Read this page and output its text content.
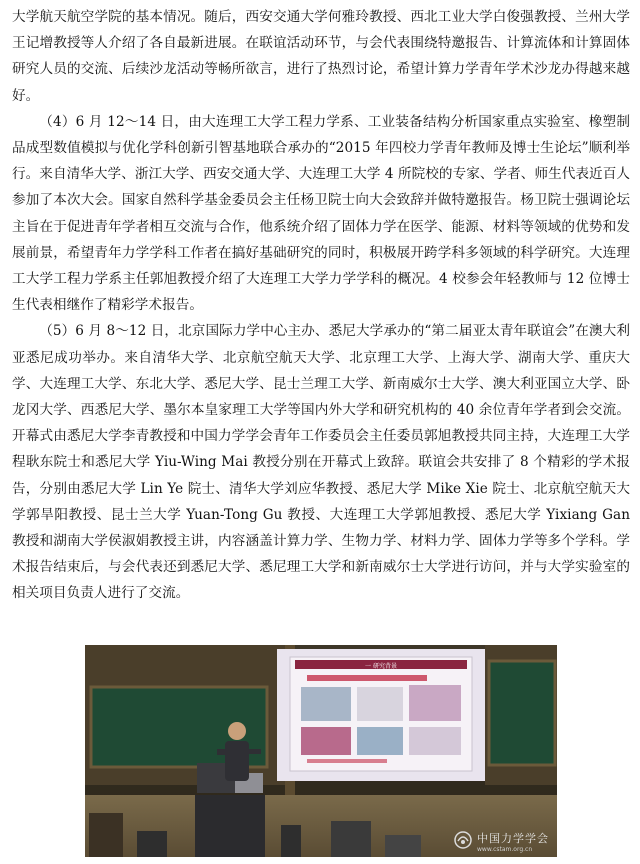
大学航天航空学院的基本情况。随后，西安交通大学何雅玲教授、西北工业大学白俊强教授、兰州大学王记增教授等人介绍了各自最新进展。在联谊活动环节，与会代表围绕特邀报告、计算流体和计算固体研究人员的交流、后续沙龙活动等畅所欲言，进行了热烈讨论，希望计算力学青年学术沙龙办得越来越好。

（4）6 月 12～14 日，由大连理工大学工程力学系、工业装备结构分析国家重点实验室、橡塑制品成型数值模拟与优化学科创新引智基地联合承办的“2015 年四校力学青年教师及博士生论坛”顺利举行。来自清华大学、浙江大学、西安交通大学、大连理工大学 4 所院校的专家、学者、师生代表近百人参加了本次大会。国家自然科学基金委员会主任杨卫院士向大会致辞并做特邀报告。杨卫院士强调论坛主旨在于促进青年学者相互交流与合作，他系统介绍了固体力学在医学、能源、材料等领域的优势和发展前景，希望青年力学学科工作者在搞好基础研究的同时，积极展开跨学科多领域的科学研究。大连理工大学工程力学系主任郭旭教授介绍了大连理工大学力学学科的概况。4 校参会年轻教师与 12 位博士生代表相继作了精彩学术报告。

（5）6 月 8～12 日，北京国际力学中心主办、悉尼大学承办的“第二届亚太青年联谊会”在澳大利亚悉尼成功举办。来自清华大学、北京航空航天大学、北京理工大学、上海大学、湖南大学、重庆大学、大连理工大学、东北大学、悉尼大学、昆士兰理工大学、新南威尔士大学、澳大利亚国立大学、卧龙冈大学、西悉尼大学、墨尔本皇家理工大学等国内外大学和研究机构的 40 余位青年学者到会交流。开幕式由悉尼大学李青教授和中国力学学会青年工作委员会主任委员郭旭教授共同主持，大连理工大学程耿东院士和悉尼大学 Yiu-Wing Mai 教授分别在开幕式上致辞。联谊会共安排了 8 个精彩的学术报告，分别由悉尼大学 Lin Ye 院士、清华大学刘应华教授、悉尼大学 Mike Xie 院士、北京航空航天大学郭旱阳教授、昆士兰大学 Yuan-Tong Gu 教授、大连理工大学郭旭教授、悉尼大学 Yixiang Gan 教授和湖南大学侯淑娟教授主讲，内容涵盖计算力学、生物力学、材料力学、固体力学等多个学科。学术报告结束后，与会代表还到悉尼大学、悉尼理工大学和新南威尔士大学进行访问，并与大学实验室的相关项目负责人进行了交流。

一 研究背景
中国力学学会
www.cstam.org.cn
